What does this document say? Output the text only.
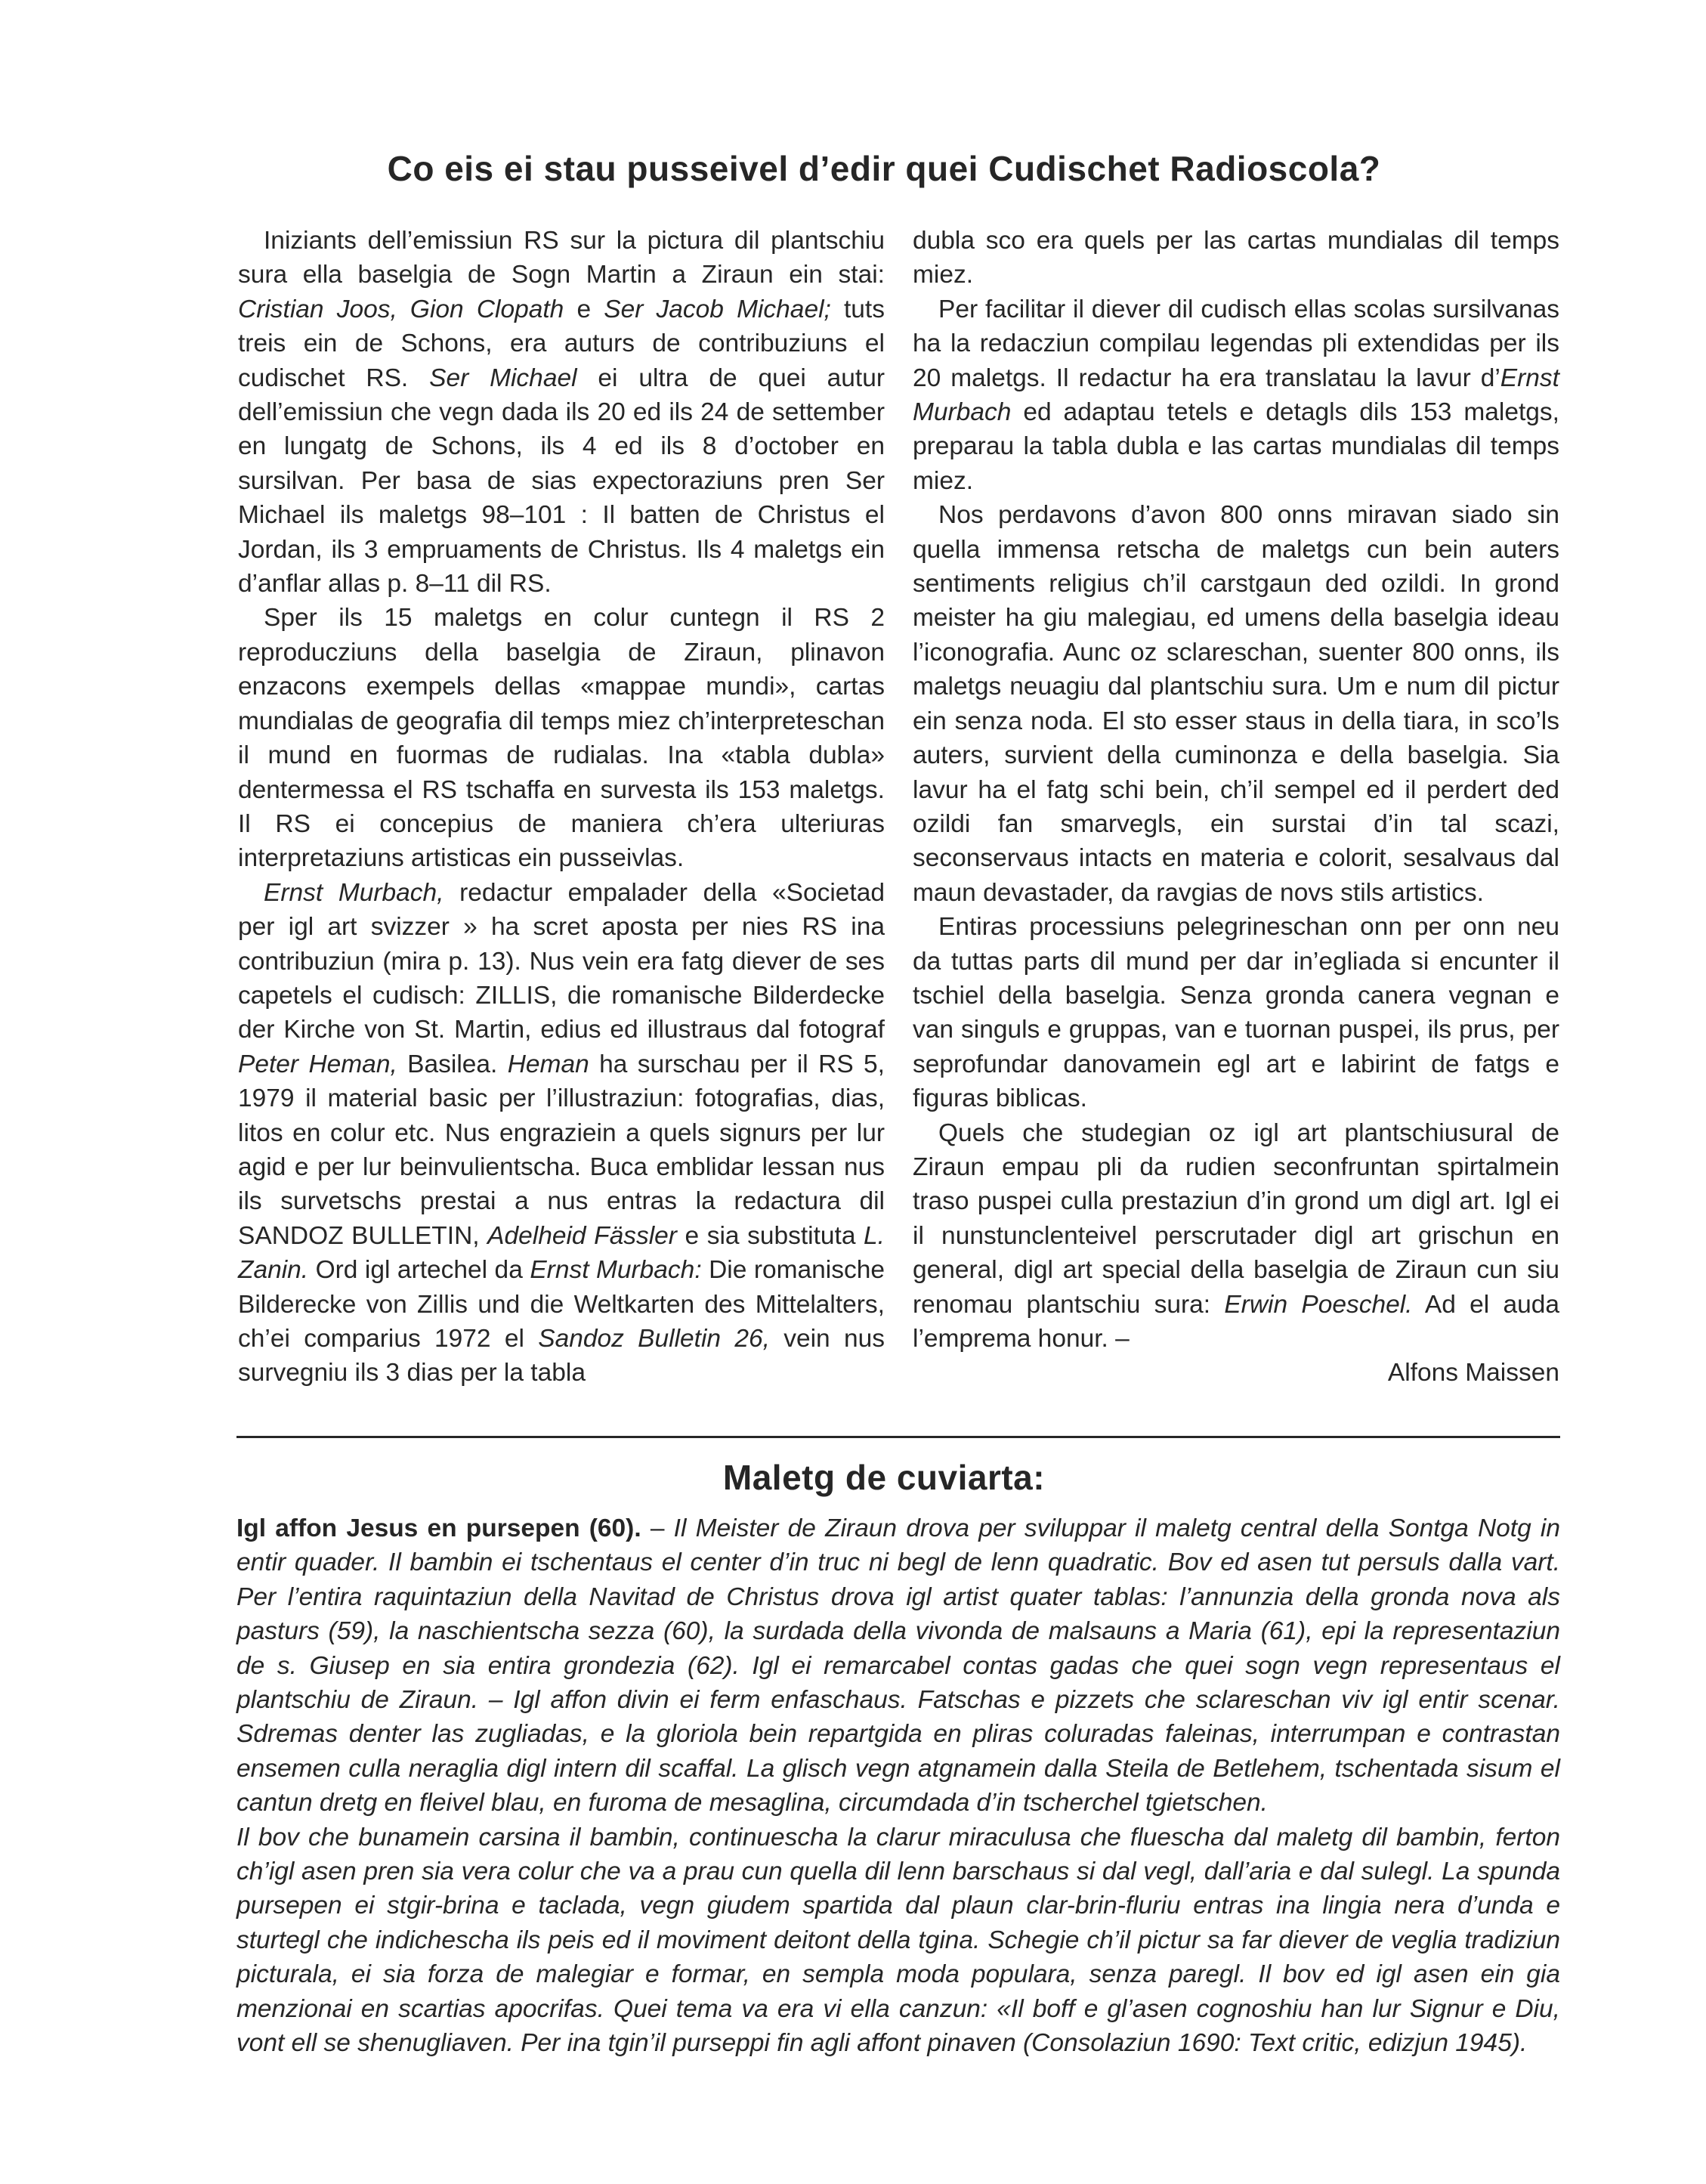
Co eis ei stau pusseivel d’edir quei Cudischet Radioscola?

Iniziants dell’emissiun RS sur la pictura dil plantschiu sura ella baselgia de Sogn Martin a Ziraun ein stai: Cristian Joos, Gion Clopath e Ser Jacob Michael; tuts treis ein de Schons, era auturs de contribuziuns el cudischet RS. Ser Michael ei ultra de quei autur dell’emissiun che vegn dada ils 20 ed ils 24 de settember en lungatg de Schons, ils 4 ed ils 8 d’october en sursilvan. Per basa de sias expectoraziuns pren Ser Michael ils maletgs 98–101 : Il batten de Christus el Jordan, ils 3 empruaments de Christus. Ils 4 maletgs ein d’anflar allas p. 8–11 dil RS.

Sper ils 15 maletgs en colur cuntegn il RS 2 reproducziuns della baselgia de Ziraun, plinavon enzacons exempels dellas «mappae mundi», cartas mundialas de geografia dil temps miez ch’interpreteschan il mund en fuormas de rudialas. Ina «tabla dubla» dentermessa el RS tschaffa en survesta ils 153 maletgs. Il RS ei concepius de maniera ch’era ulteriuras interpretaziuns artisticas ein pusseivlas.

Ernst Murbach, redactur empalader della «Societad per igl art svizzer » ha scret aposta per nies RS ina contribuziun (mira p. 13). Nus vein era fatg diever de ses capetels el cudisch: ZILLIS, die romanische Bilderdecke der Kirche von St. Martin, edius ed illustraus dal fotograf Peter Heman, Basilea. Heman ha surschau per il RS 5, 1979 il material basic per l’illustraziun: fotografias, dias, litos en colur etc. Nus engraziein a quels signurs per lur agid e per lur beinvulientscha. Buca emblidar lessan nus ils survetschs prestai a nus entras la redactura dil SANDOZ BULLETIN, Adelheid Fässler e sia substituta L. Zanin. Ord igl artechel da Ernst Murbach: Die romanische Bilderecke von Zillis und die Weltkarten des Mittelalters, ch’ei comparius 1972 el Sandoz Bulletin 26, vein nus survegniu ils 3 dias per la tabla

dubla sco era quels per las cartas mundialas dil temps miez.

Per facilitar il diever dil cudisch ellas scolas sursilvanas ha la redacziun compilau legendas pli extendidas per ils 20 maletgs. Il redactur ha era translatau la lavur d’Ernst Murbach ed adaptau tetels e detagls dils 153 maletgs, preparau la tabla dubla e las cartas mundialas dil temps miez.

Nos perdavons d’avon 800 onns miravan siado sin quella immensa retscha de maletgs cun bein auters sentiments religius ch’il carstgaun ded ozildi. In grond meister ha giu malegiau, ed umens della baselgia ideau l’iconografia. Aunc oz sclareschan, suenter 800 onns, ils maletgs neuagiu dal plantschiu sura. Um e num dil pictur ein senza noda. El sto esser staus in della tiara, in sco’ls auters, survient della cuminonza e della baselgia. Sia lavur ha el fatg schi bein, ch’il sempel ed il perdert ded ozildi fan smarvegls, ein surstai d’in tal scazi, seconservaus intacts en materia e colorit, sesalvaus dal maun devastader, da ravgias de novs stils artistics.

Entiras processiuns pelegrineschan onn per onn neu da tuttas parts dil mund per dar in’egliada si encunter il tschiel della baselgia. Senza gronda canera vegnan e van singuls e gruppas, van e tuornan puspei, ils prus, per seprofundar danovamein egl art e labirint de fatgs e figuras biblicas.

Quels che studegian oz igl art plantschiusural de Ziraun empau pli da rudien seconfruntan spirtalmein traso puspei culla prestaziun d’in grond um digl art. Igl ei il nunstunclenteivel perscrutader digl art grischun en general, digl art special della baselgia de Ziraun cun siu renomau plantschiu sura: Erwin Poeschel. Ad el auda l’emprema honur. –

Alfons Maissen

Maletg de cuviarta:

Igl affon Jesus en pursepen (60). – Il Meister de Ziraun drova per sviluppar il maletg central della Sontga Notg in entir quader. Il bambin ei tschentaus el center d’in truc ni begl de lenn quadratic. Bov ed asen tut persuls dalla vart. Per l’entira raquintaziun della Navitad de Christus drova igl artist quater tablas: l’annunzia della gronda nova als pasturs (59), la naschientscha sezza (60), la surdada della vivonda de malsauns a Maria (61), epi la representaziun de s. Giusep en sia entira grondezia (62). Igl ei remarcabel contas gadas che quei sogn vegn representaus el plantschiu de Ziraun. – Igl affon divin ei ferm enfaschaus. Fatschas e pizzets che sclareschan viv igl entir scenar. Sdremas denter las zugliadas, e la gloriola bein repartgida en pliras coluradas faleinas, interrumpan e contrastan ensemen culla neraglia digl intern dil scaffal. La glisch vegn atgnamein dalla Steila de Betlehem, tschentada sisum el cantun dretg en fleivel blau, en furoma de mesaglina, circumdada d’in tscherchel tgietschen.

Il bov che bunamein carsina il bambin, continuescha la clarur miraculusa che fluescha dal maletg dil bambin, ferton ch’igl asen pren sia vera colur che va a prau cun quella dil lenn barschaus si dal vegl, dall’aria e dal sulegl. La spunda pursepen ei stgir-brina e taclada, vegn giudem spartida dal plaun clar-brin-fluriu entras ina lingia nera d’unda e sturtegl che indichescha ils peis ed il moviment deitont della tgina. Schegie ch’il pictur sa far diever de veglia tradiziun picturala, ei sia forza de malegiar e formar, en sempla moda populara, senza paregl. Il bov ed igl asen ein gia menzionai en scartias apocrifas. Quei tema va era vi ella canzun: «Il boff e gl’asen cognoshiu han lur Signur e Diu, vont ell se shenugliaven. Per ina tgin’il purseppi fin agli affont pinaven (Consolaziun 1690: Text critic, edizjun 1945).
